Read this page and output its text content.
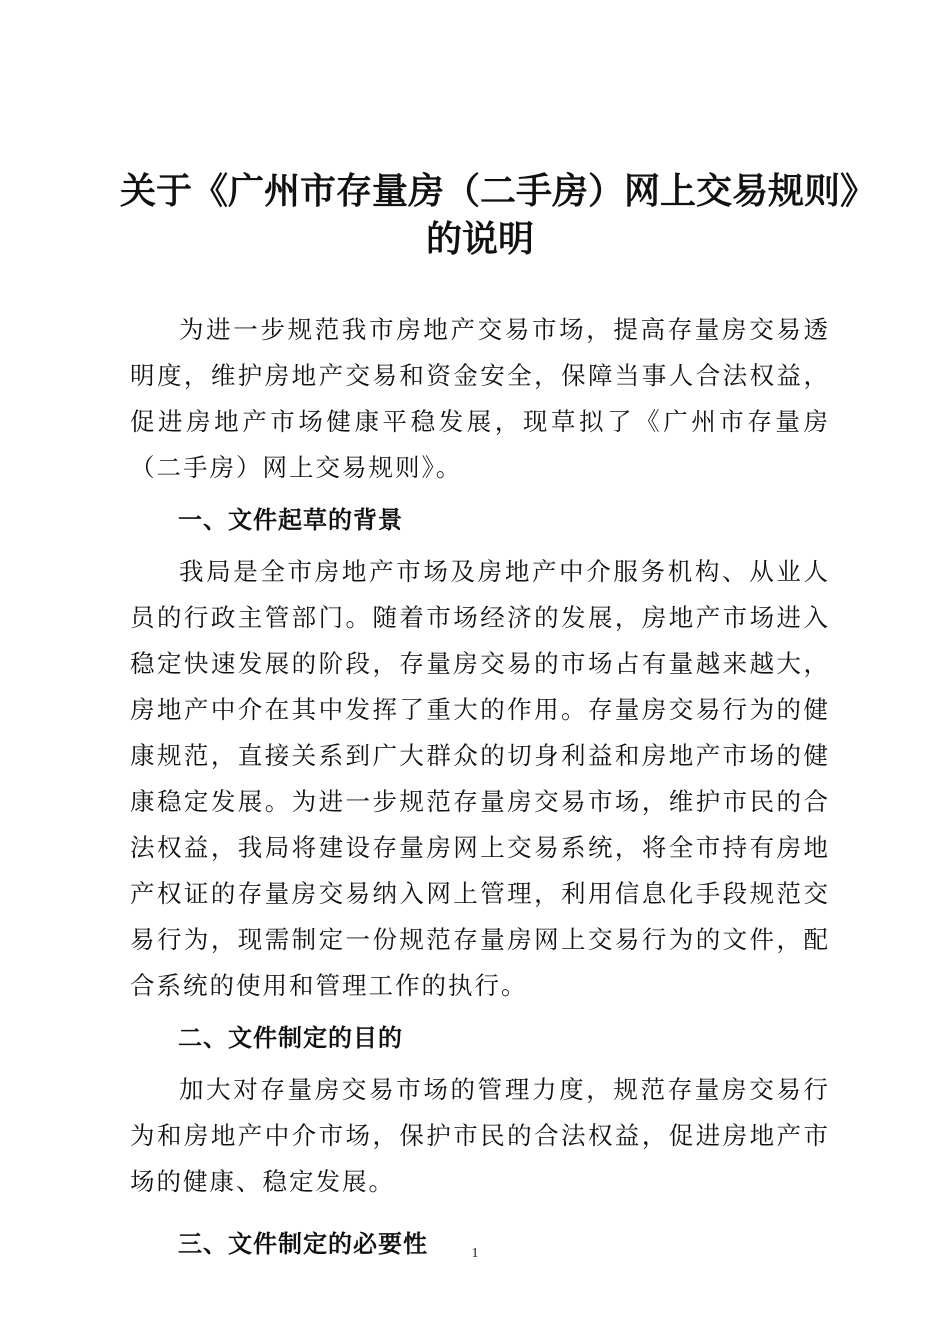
关于《广州市存量房（二手房）网上交易规则》
的说明

为进一步规范我市房地产交易市场，提高存量房交易透明度，维护房地产交易和资金安全，保障当事人合法权益，促进房地产市场健康平稳发展，现草拟了《广州市存量房（二手房）网上交易规则》。

一、文件起草的背景

我局是全市房地产市场及房地产中介服务机构、从业人员的行政主管部门。随着市场经济的发展，房地产市场进入稳定快速发展的阶段，存量房交易的市场占有量越来越大，房地产中介在其中发挥了重大的作用。存量房交易行为的健康规范，直接关系到广大群众的切身利益和房地产市场的健康稳定发展。为进一步规范存量房交易市场，维护市民的合法权益，我局将建设存量房网上交易系统，将全市持有房地产权证的存量房交易纳入网上管理，利用信息化手段规范交易行为，现需制定一份规范存量房网上交易行为的文件，配合系统的使用和管理工作的执行。

二、文件制定的目的

加大对存量房交易市场的管理力度，规范存量房交易行为和房地产中介市场，保护市民的合法权益，促进房地产市场的健康、稳定发展。

三、文件制定的必要性	1
